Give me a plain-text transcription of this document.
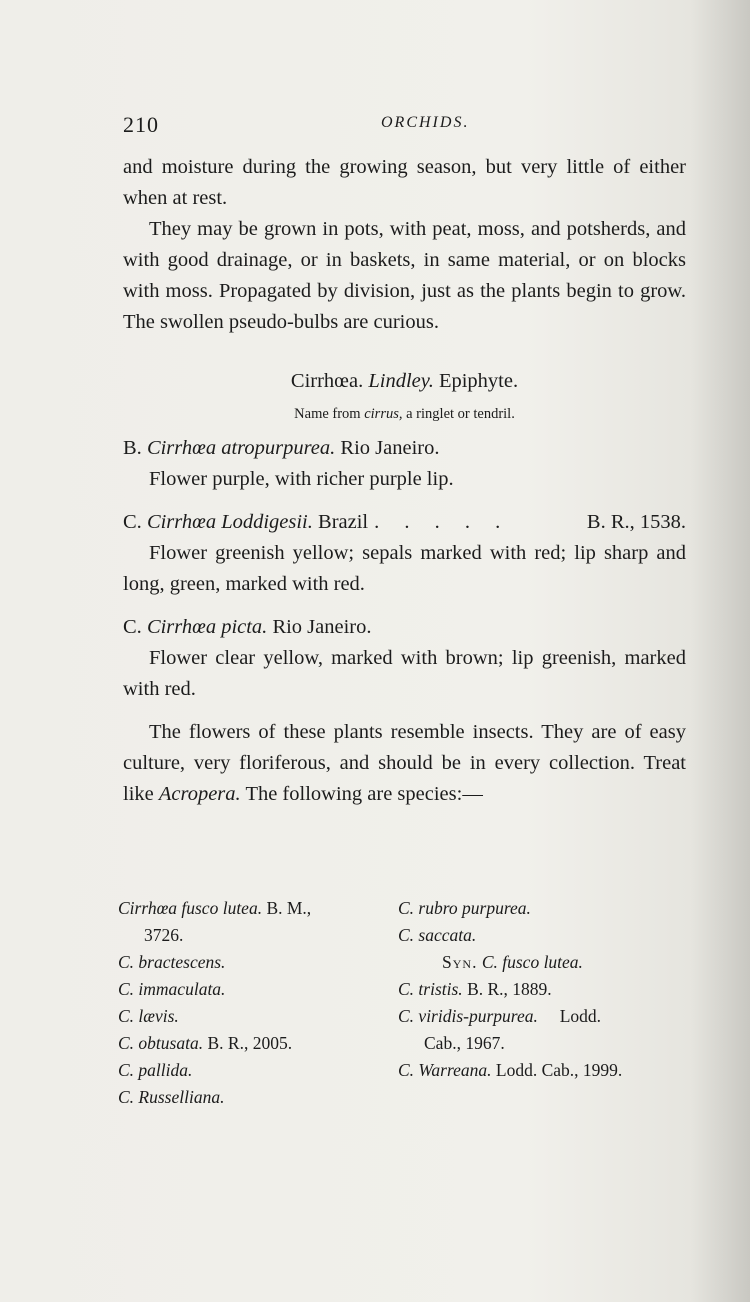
210	ORCHIDS.

and moisture during the growing season, but very little of either when at rest.

They may be grown in pots, with peat, moss, and potsherds, and with good drainage, or in baskets, in same material, or on blocks with moss. Propagated by division, just as the plants begin to grow. The swollen pseudo-bulbs are curious.

Cirrhœa. Lindley. Epiphyte.
Name from cirrus, a ringlet or tendril.
B. Cirrhœa atropurpurea. Rio Janeiro.

Flower purple, with richer purple lip.

C. Cirrhœa Loddigesii. Brazil . . . . .	B. R., 1538.

Flower greenish yellow; sepals marked with red; lip sharp and long, green, marked with red.

C. Cirrhœa picta. Rio Janeiro.

Flower clear yellow, marked with brown; lip greenish, marked with red.

The flowers of these plants resemble insects. They are of easy culture, very floriferous, and should be in every collection. Treat like Acropera. The following are species:—

Cirrhœa fusco lutea. B. M.,
3726.
C. bractescens.
C. immaculata.
C. lævis.
C. obtusata. B. R., 2005.
C. pallida.
C. Russelliana.
C. rubro purpurea.
C. saccata.
Syn. C. fusco lutea.
C. tristis. B. R., 1889.
C. viridis-purpurea. Lodd.
Cab., 1967.
C. Warreana. Lodd. Cab., 1999.
